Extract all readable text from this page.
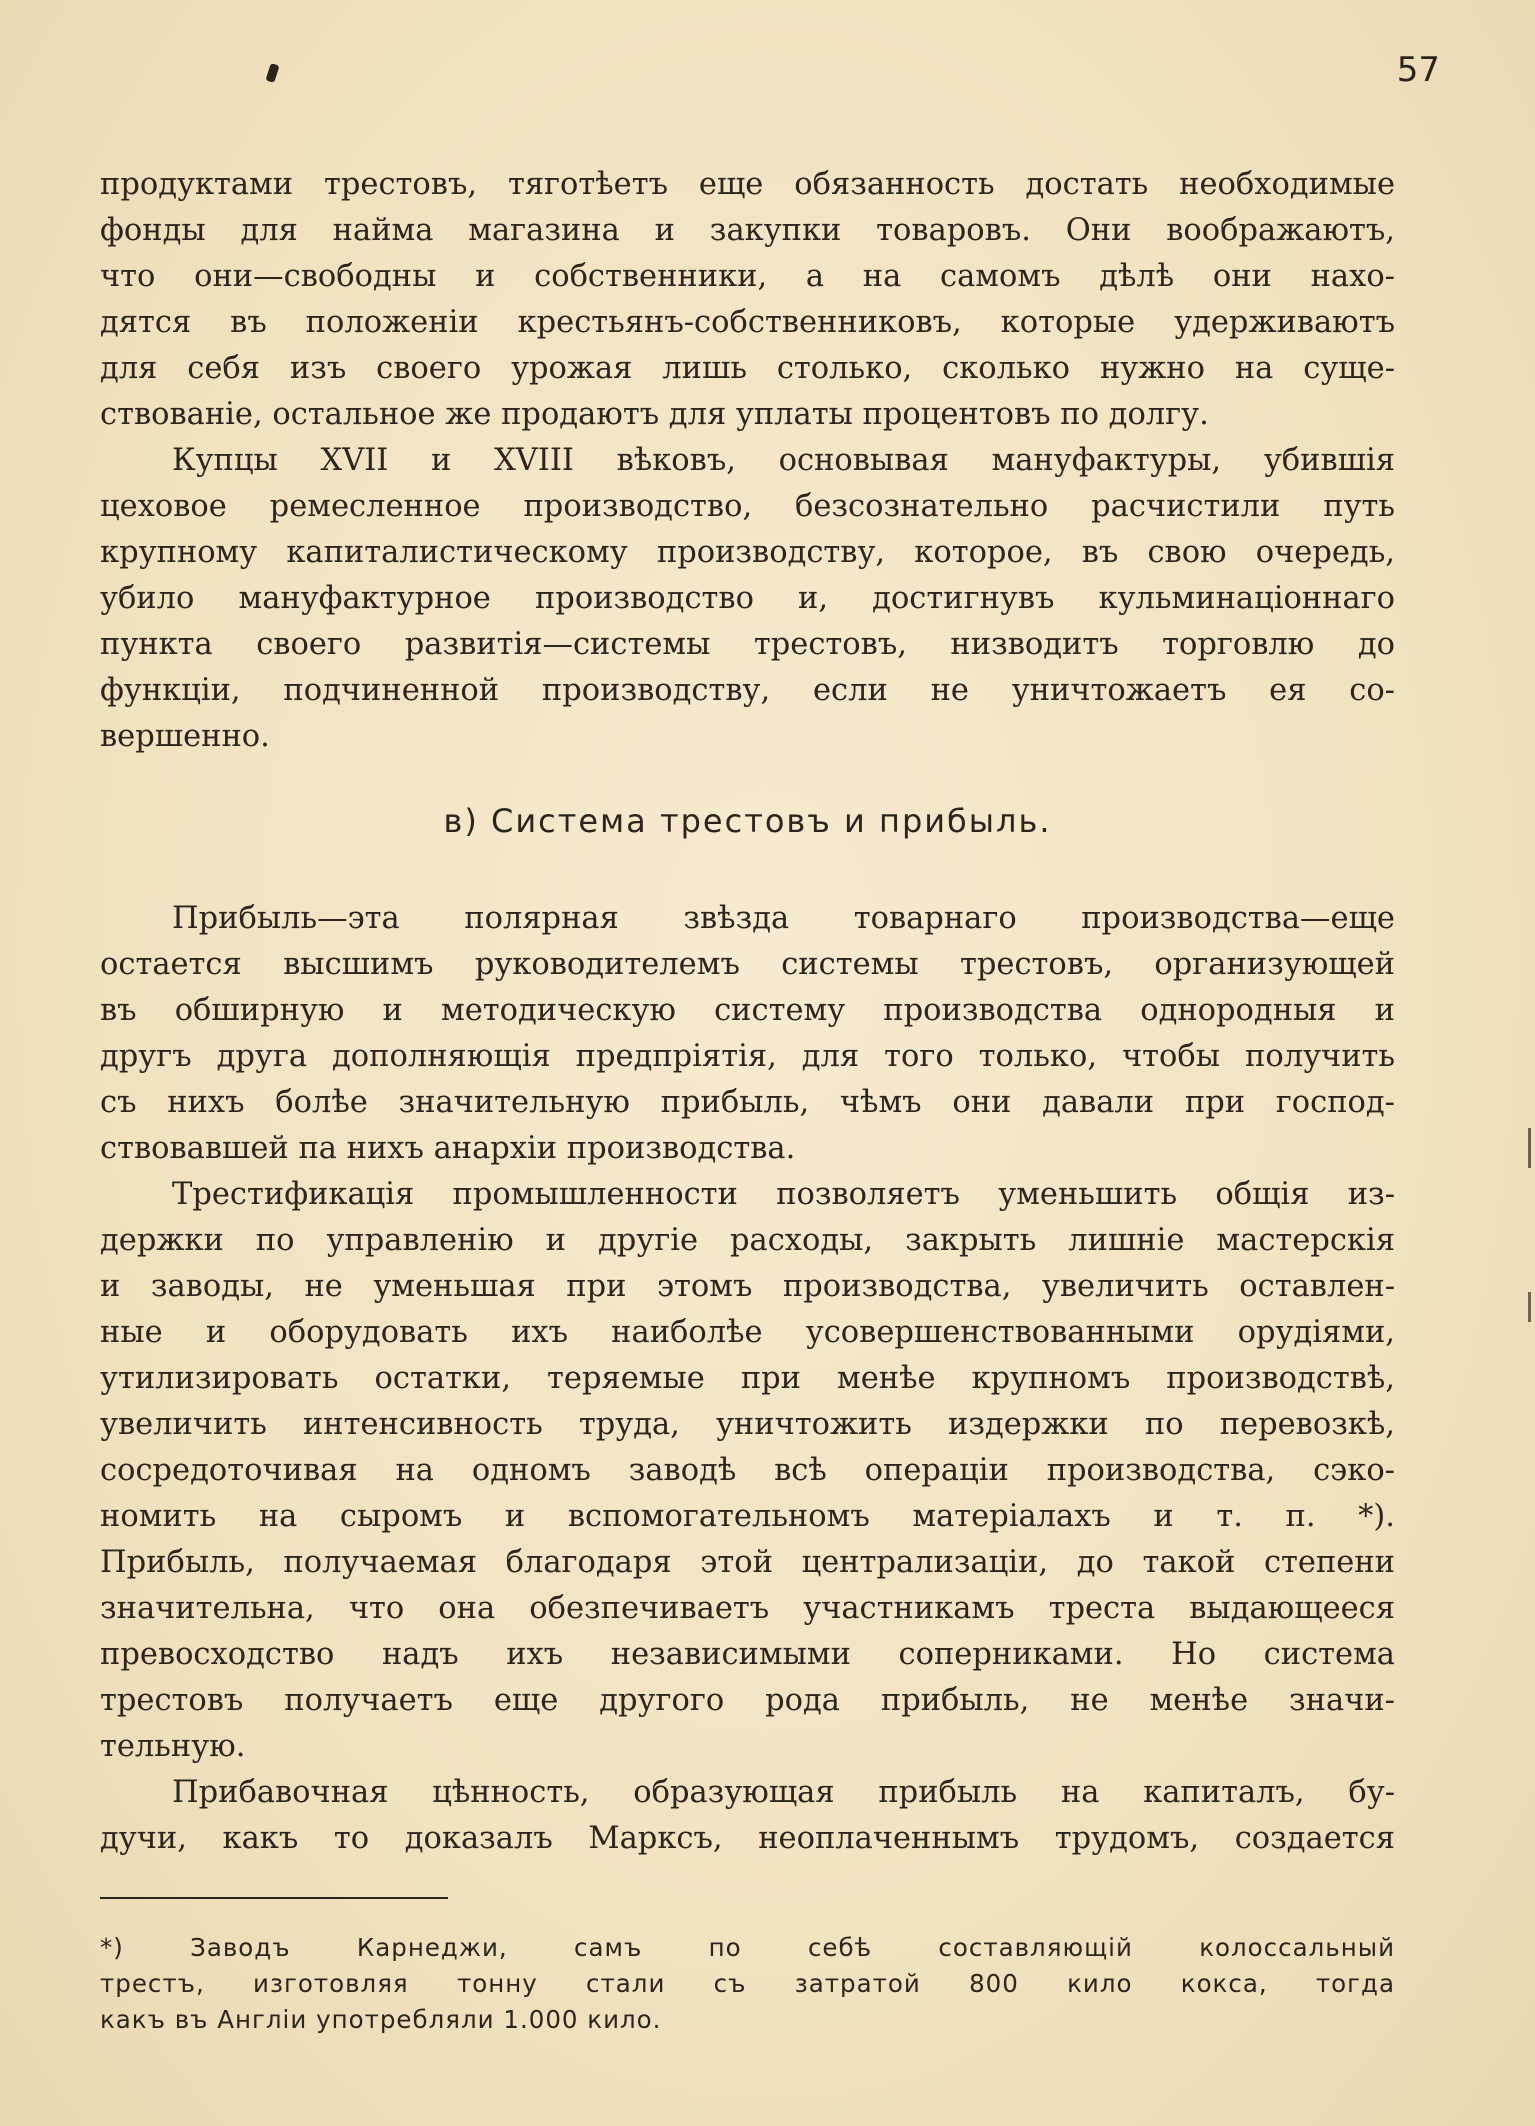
57
продуктами трестовъ, тяготѣетъ еще обязанность достать необходимые
фонды для найма магазина и закупки товаровъ. Они воображаютъ,
что они—свободны и собственники, а на самомъ дѣлѣ они нахо-
дятся въ положеніи крестьянъ-собственниковъ, которые удерживаютъ
для себя изъ своего урожая лишь столько, сколько нужно на суще-
ствованіе, остальное же продаютъ для уплаты процентовъ по долгу.
Купцы XVII и XVIII вѣковъ, основывая мануфактуры, убившія
цеховое ремесленное производство, безсознательно расчистили путь
крупному капиталистическому производству, которое, въ свою очередь,
убило мануфактурное производство и, достигнувъ кульминаціоннаго
пункта своего развитія—системы трестовъ, низводитъ торговлю до
функціи, подчиненной производству, если не уничтожаетъ ея со-
вершенно.
в) Система трестовъ и прибыль.
Прибыль—эта полярная звѣзда товарнаго производства—еще
остается высшимъ руководителемъ системы трестовъ, организующей
въ обширную и методическую систему производства однородныя и
другъ друга дополняющія предпріятія, для того только, чтобы получить
съ нихъ болѣе значительную прибыль, чѣмъ они давали при господ-
ствовавшей па нихъ анархіи производства.
Трестификація промышленности позволяетъ уменьшить общія из-
держки по управленію и другіе расходы, закрыть лишніе мастерскія
и заводы, не уменьшая при этомъ производства, увеличить оставлен-
ные и оборудовать ихъ наиболѣе усовершенствованными орудіями,
утилизировать остатки, теряемые при менѣе крупномъ производствѣ,
увеличить интенсивность труда, уничтожить издержки по перевозкѣ,
сосредоточивая на одномъ заводѣ всѣ операціи производства, сэко-
номить на сыромъ и вспомогательномъ матеріалахъ и т. п. *).
Прибыль, получаемая благодаря этой централизаціи, до такой степени
значительна, что она обезпечиваетъ участникамъ треста выдающееся
превосходство надъ ихъ независимыми соперниками. Но система
трестовъ получаетъ еще другого рода прибыль, не менѣе значи-
тельную.
Прибавочная цѣнность, образующая прибыль на капиталъ, бу-
дучи, какъ то доказалъ Марксъ, неоплаченнымъ трудомъ, создается
*) Заводъ Карнеджи, самъ по себѣ составляющій колоссальный
трестъ, изготовляя тонну стали съ затратой 800 кило кокса, тогда
какъ въ Англіи употребляли 1.000 кило.
